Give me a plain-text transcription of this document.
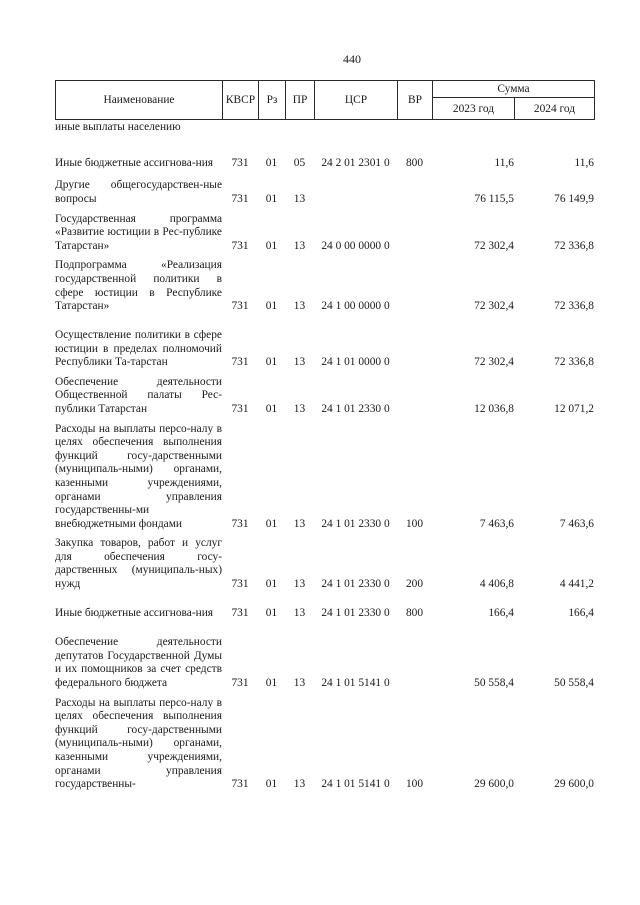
440
Наименование	КВСР	Рз	ПР	ЦСР	ВР	Сумма	
						2023 год	2024 год
иные выплаты населению							
Иные бюджетные ассигнова-ния	731	01	05	24 2 01 2301 0	800	11,6	11,6
Другие общегосударствен-ные вопросы	731	01	13			76 115,5	76 149,9
Государственная программа «Развитие юстиции в Рес-публике Татарстан»	731	01	13	24 0 00 0000 0		72 302,4	72 336,8
Подпрограмма «Реализация государственной политики в сфере юстиции в Республике Татарстан»	731	01	13	24 1 00 0000 0		72 302,4	72 336,8
Осуществление политики в сфере юстиции в пределах полномочий Республики Та-тарстан	731	01	13	24 1 01 0000 0		72 302,4	72 336,8
Обеспечение деятельности Общественной палаты Рес-публики Татарстан	731	01	13	24 1 01 2330 0		12 036,8	12 071,2
Расходы на выплаты персо-налу в целях обеспечения выполнения функций госу-дарственными (муниципаль-ными) органами, казенными учреждениями, органами управления государственны-ми внебюджетными фондами	731	01	13	24 1 01 2330 0	100	7 463,6	7 463,6
Закупка товаров, работ и услуг для обеспечения госу-дарственных (муниципаль-ных) нужд	731	01	13	24 1 01 2330 0	200	4 406,8	4 441,2
Иные бюджетные ассигнова-ния	731	01	13	24 1 01 2330 0	800	166,4	166,4
Обеспечение деятельности депутатов Государственной Думы и их помощников за счет средств федерального бюджета	731	01	13	24 1 01 5141 0		50 558,4	50 558,4
Расходы на выплаты персо-налу в целях обеспечения выполнения функций госу-дарственными (муниципаль-ными) органами, казенными учреждениями, органами управления государственны-	731	01	13	24 1 01 5141 0	100	29 600,0	29 600,0
